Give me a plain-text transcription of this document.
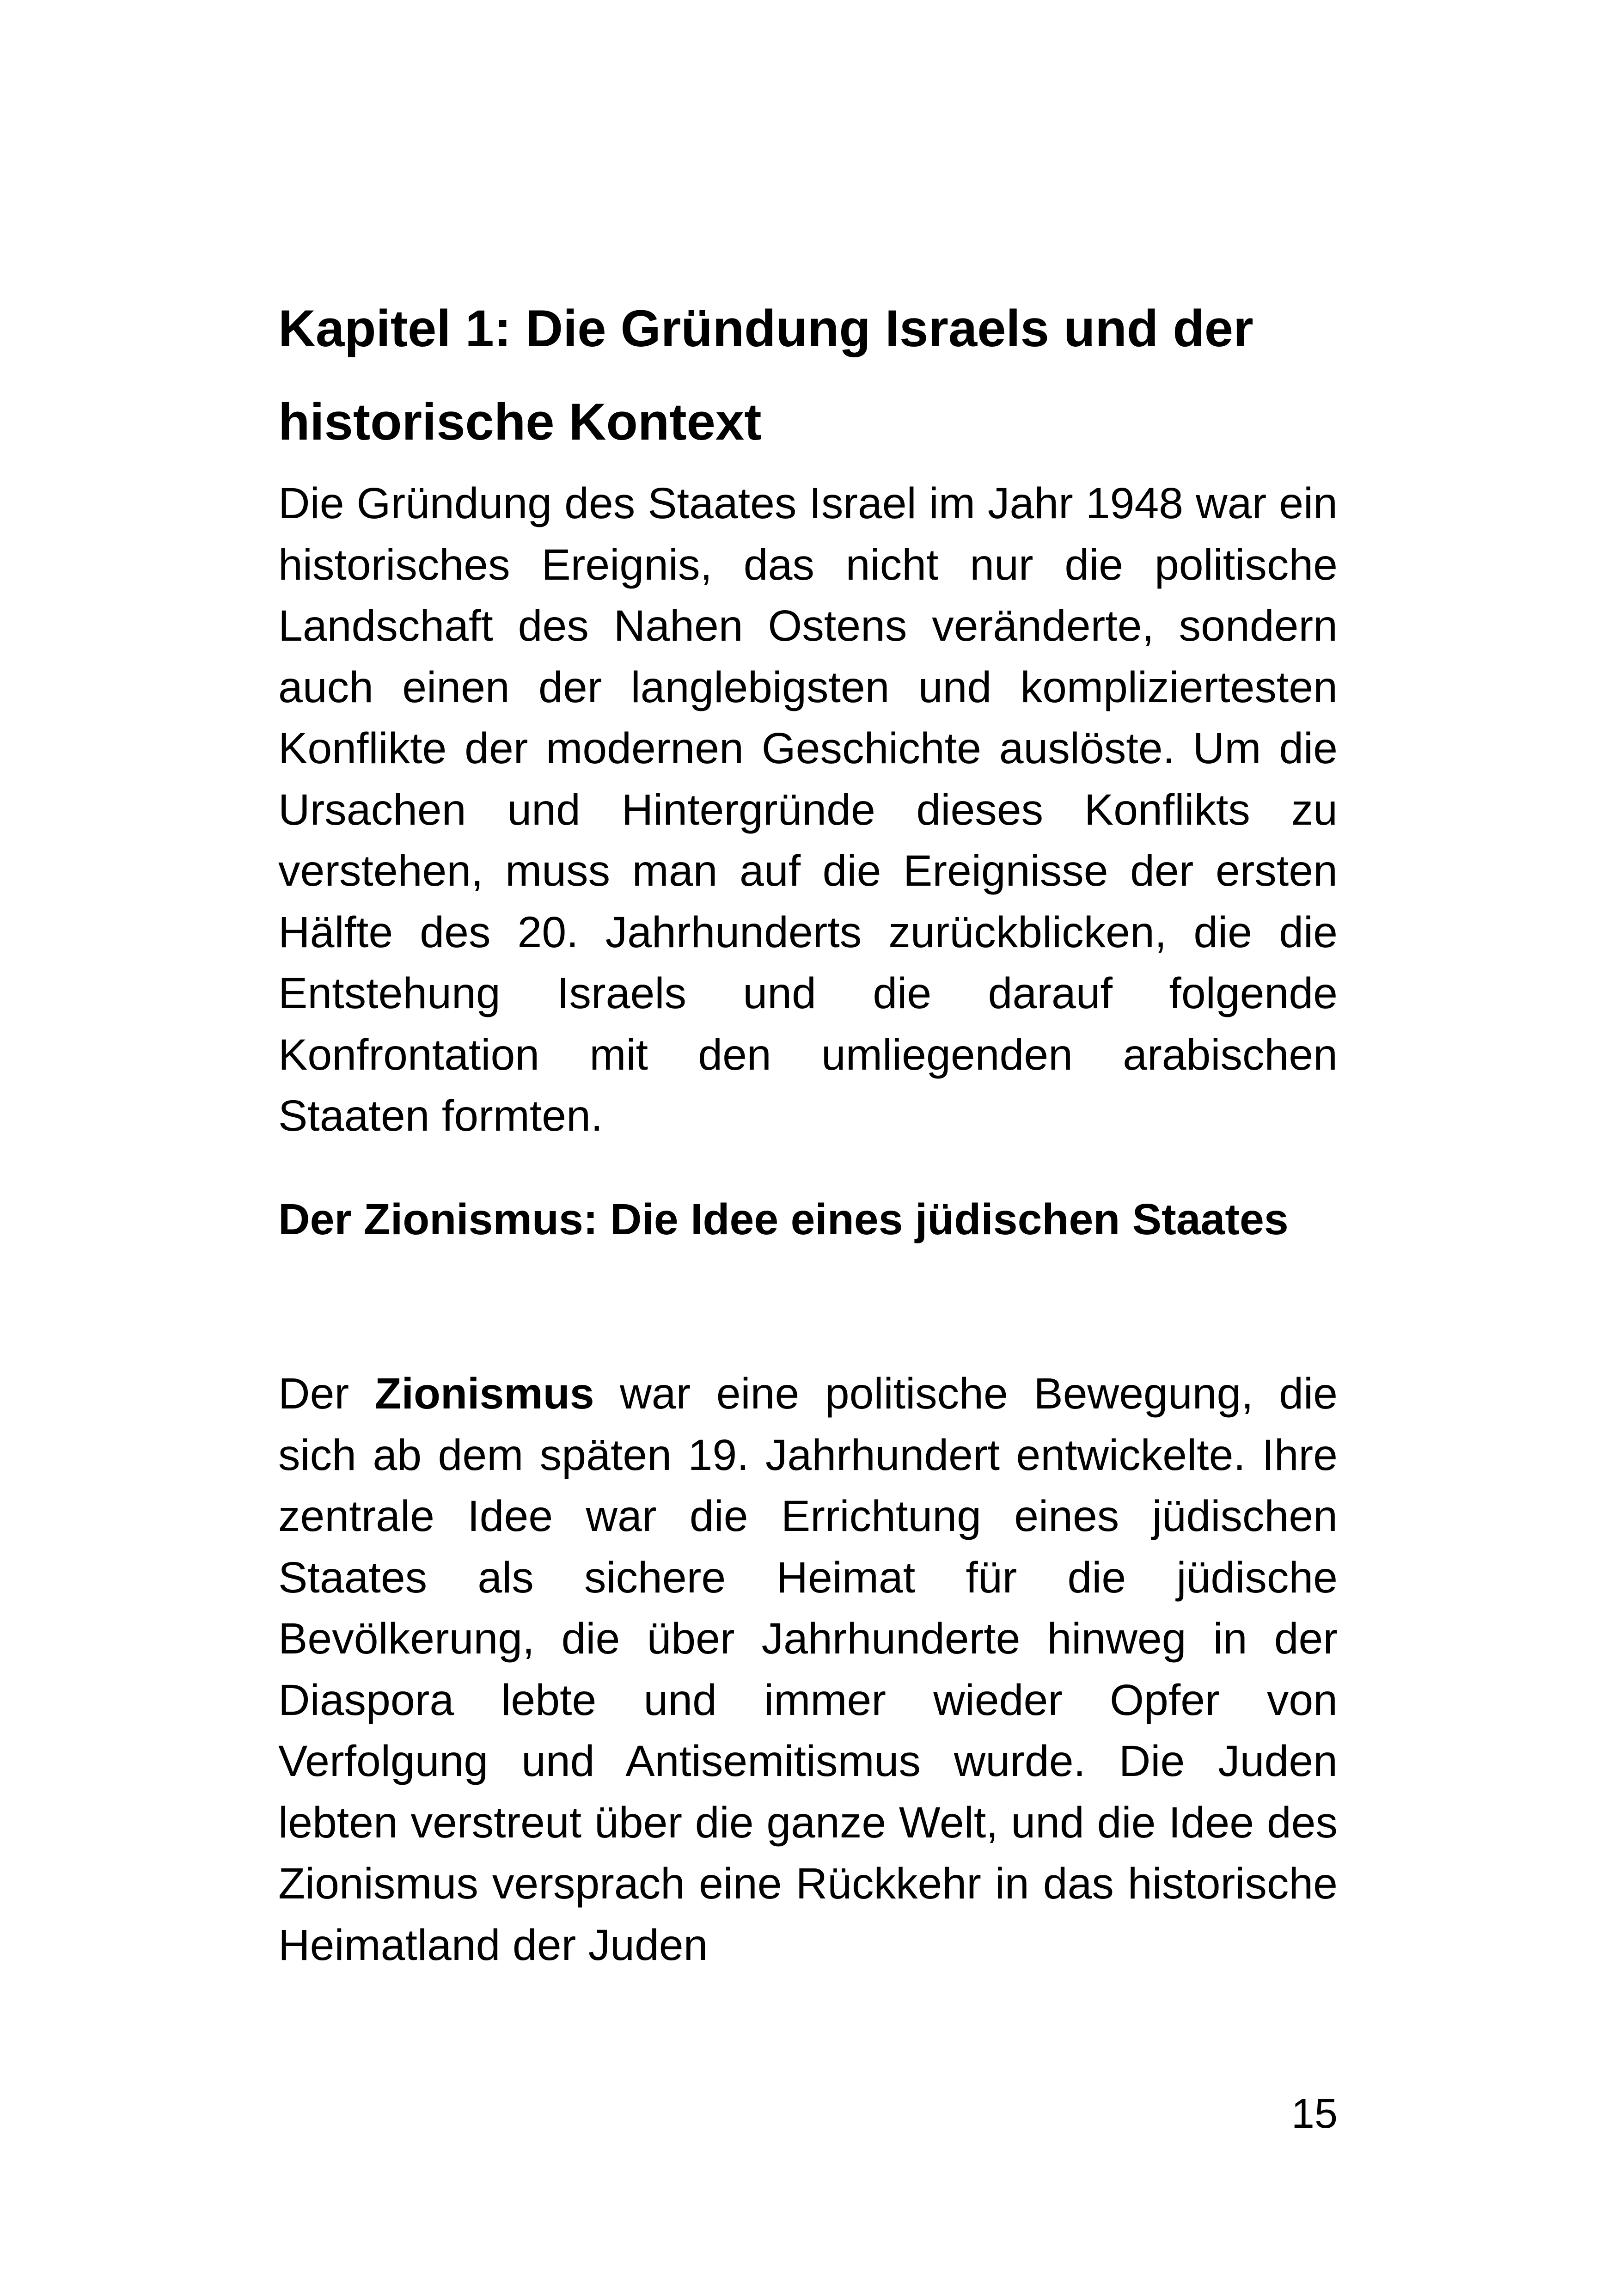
Kapitel 1: Die Gründung Israels und der historische Kontext

Die Gründung des Staates Israel im Jahr 1948 war ein historisches Ereignis, das nicht nur die politische Landschaft des Nahen Ostens veränderte, sondern auch einen der langlebigsten und kompliziertesten Konflikte der modernen Geschichte auslöste. Um die Ursachen und Hintergründe dieses Konflikts zu verstehen, muss man auf die Ereignisse der ersten Hälfte des 20. Jahrhunderts zurückblicken, die die Entstehung Israels und die darauf folgende Konfrontation mit den umliegenden arabischen Staaten formten.

Der Zionismus: Die Idee eines jüdischen Staates

Der Zionismus war eine politische Bewegung, die sich ab dem späten 19. Jahrhundert entwickelte. Ihre zentrale Idee war die Errichtung eines jüdischen Staates als sichere Heimat für die jüdische Bevölkerung, die über Jahrhunderte hinweg in der Diaspora lebte und immer wieder Opfer von Verfolgung und Antisemitismus wurde. Die Juden lebten verstreut über die ganze Welt, und die Idee des Zionismus versprach eine Rückkehr in das historische Heimatland der Juden

15
